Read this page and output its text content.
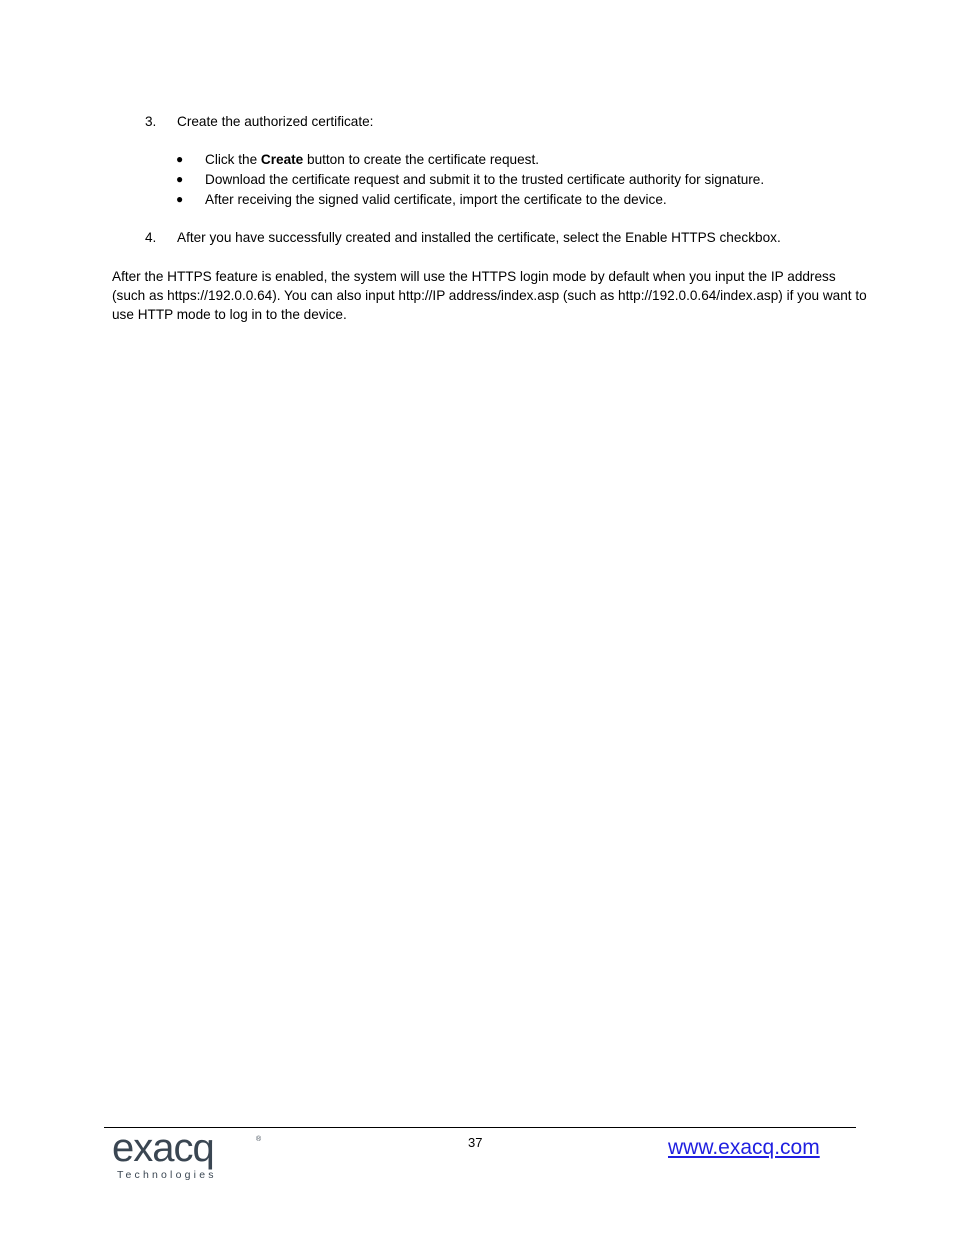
3. Create the authorized certificate:
● Click the Create button to create the certificate request.
● Download the certificate request and submit it to the trusted certificate authority for signature.
● After receiving the signed valid certificate, import the certificate to the device.
4. After you have successfully created and installed the certificate, select the Enable HTTPS checkbox.

After the HTTPS feature is enabled, the system will use the HTTPS login mode by default when you input the IP address (such as https://192.0.0.64). You can also input http://IP address/index.asp (such as http://192.0.0.64/index.asp) if you want to use HTTP mode to log in to the device.

exacq	®
Technologies
37	www.exacq.com
